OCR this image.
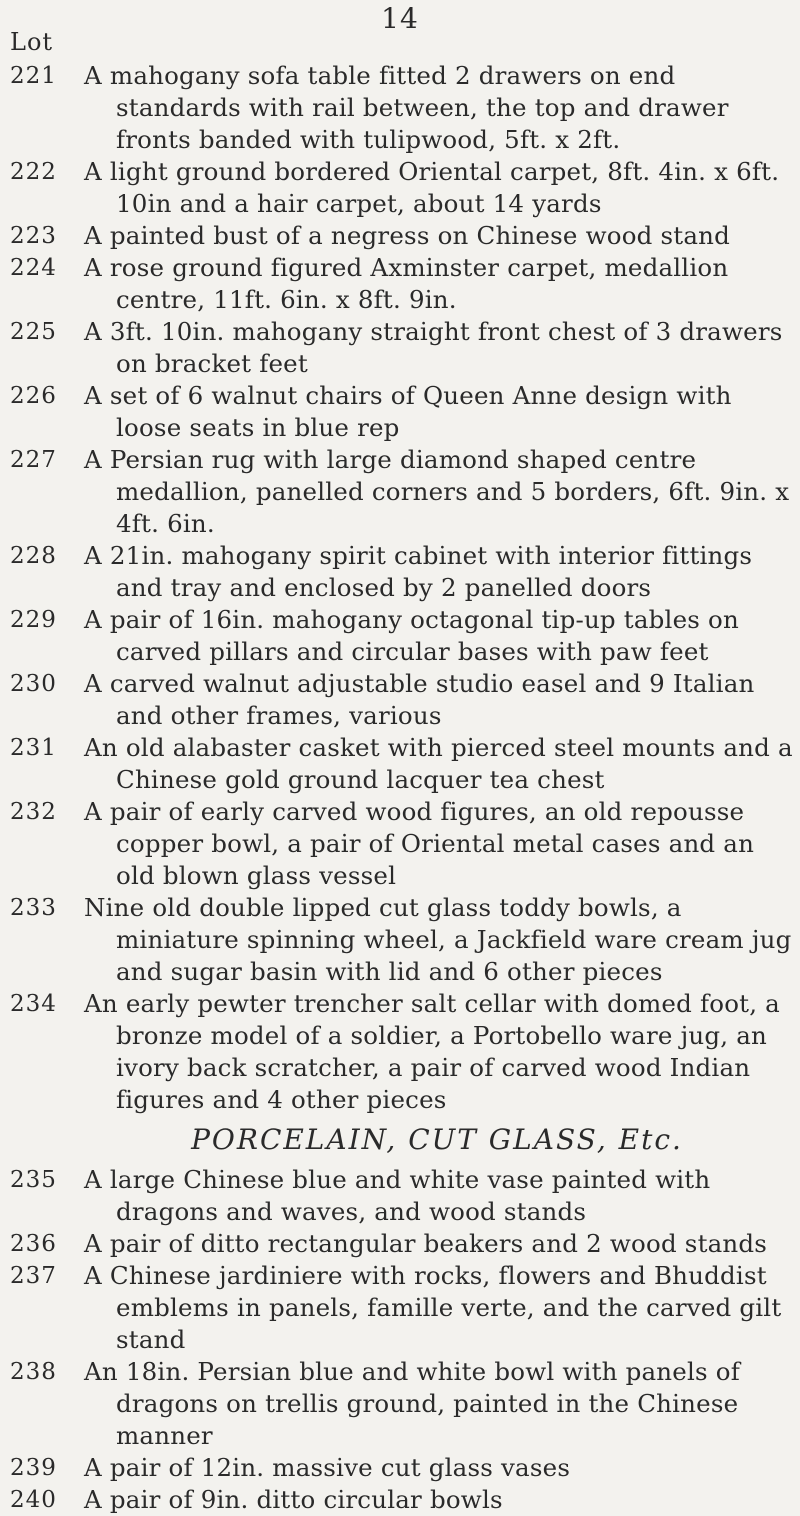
14
Lot
221	A mahogany sofa table fitted 2 drawers on end standards with rail between, the top and drawer fronts banded with tulipwood, 5ft. x 2ft.
222	A light ground bordered Oriental carpet, 8ft. 4in. x 6ft. 10in and a hair carpet, about 14 yards
223	A painted bust of a negress on Chinese wood stand
224	A rose ground figured Axminster carpet, medallion centre, 11ft. 6in. x 8ft. 9in.
225	A 3ft. 10in. mahogany straight front chest of 3 drawers on bracket feet
226	A set of 6 walnut chairs of Queen Anne design with loose seats in blue rep
227	A Persian rug with large diamond shaped centre medallion, panelled corners and 5 borders, 6ft. 9in. x 4ft. 6in.
228	A 21in. mahogany spirit cabinet with interior fittings and tray and enclosed by 2 panelled doors
229	A pair of 16in. mahogany octagonal tip-up tables on carved pillars and circular bases with paw feet
230	A carved walnut adjustable studio easel and 9 Italian and other frames, various
231	An old alabaster casket with pierced steel mounts and a Chinese gold ground lacquer tea chest
232	A pair of early carved wood figures, an old repousse copper bowl, a pair of Oriental metal cases and an old blown glass vessel
233	Nine old double lipped cut glass toddy bowls, a miniature spinning wheel, a Jackfield ware cream jug and sugar basin with lid and 6 other pieces
234	An early pewter trencher salt cellar with domed foot, a bronze model of a soldier, a Portobello ware jug, an ivory back scratcher, a pair of carved wood Indian figures and 4 other pieces
PORCELAIN, CUT GLASS, Etc.
235	A large Chinese blue and white vase painted with dragons and waves, and wood stands
236	A pair of ditto rectangular beakers and 2 wood stands
237	A Chinese jardiniere with rocks, flowers and Bhuddist emblems in panels, famille verte, and the carved gilt stand
238	An 18in. Persian blue and white bowl with panels of dragons on trellis ground, painted in the Chinese manner
239	A pair of 12in. massive cut glass vases
240	A pair of 9in. ditto circular bowls
